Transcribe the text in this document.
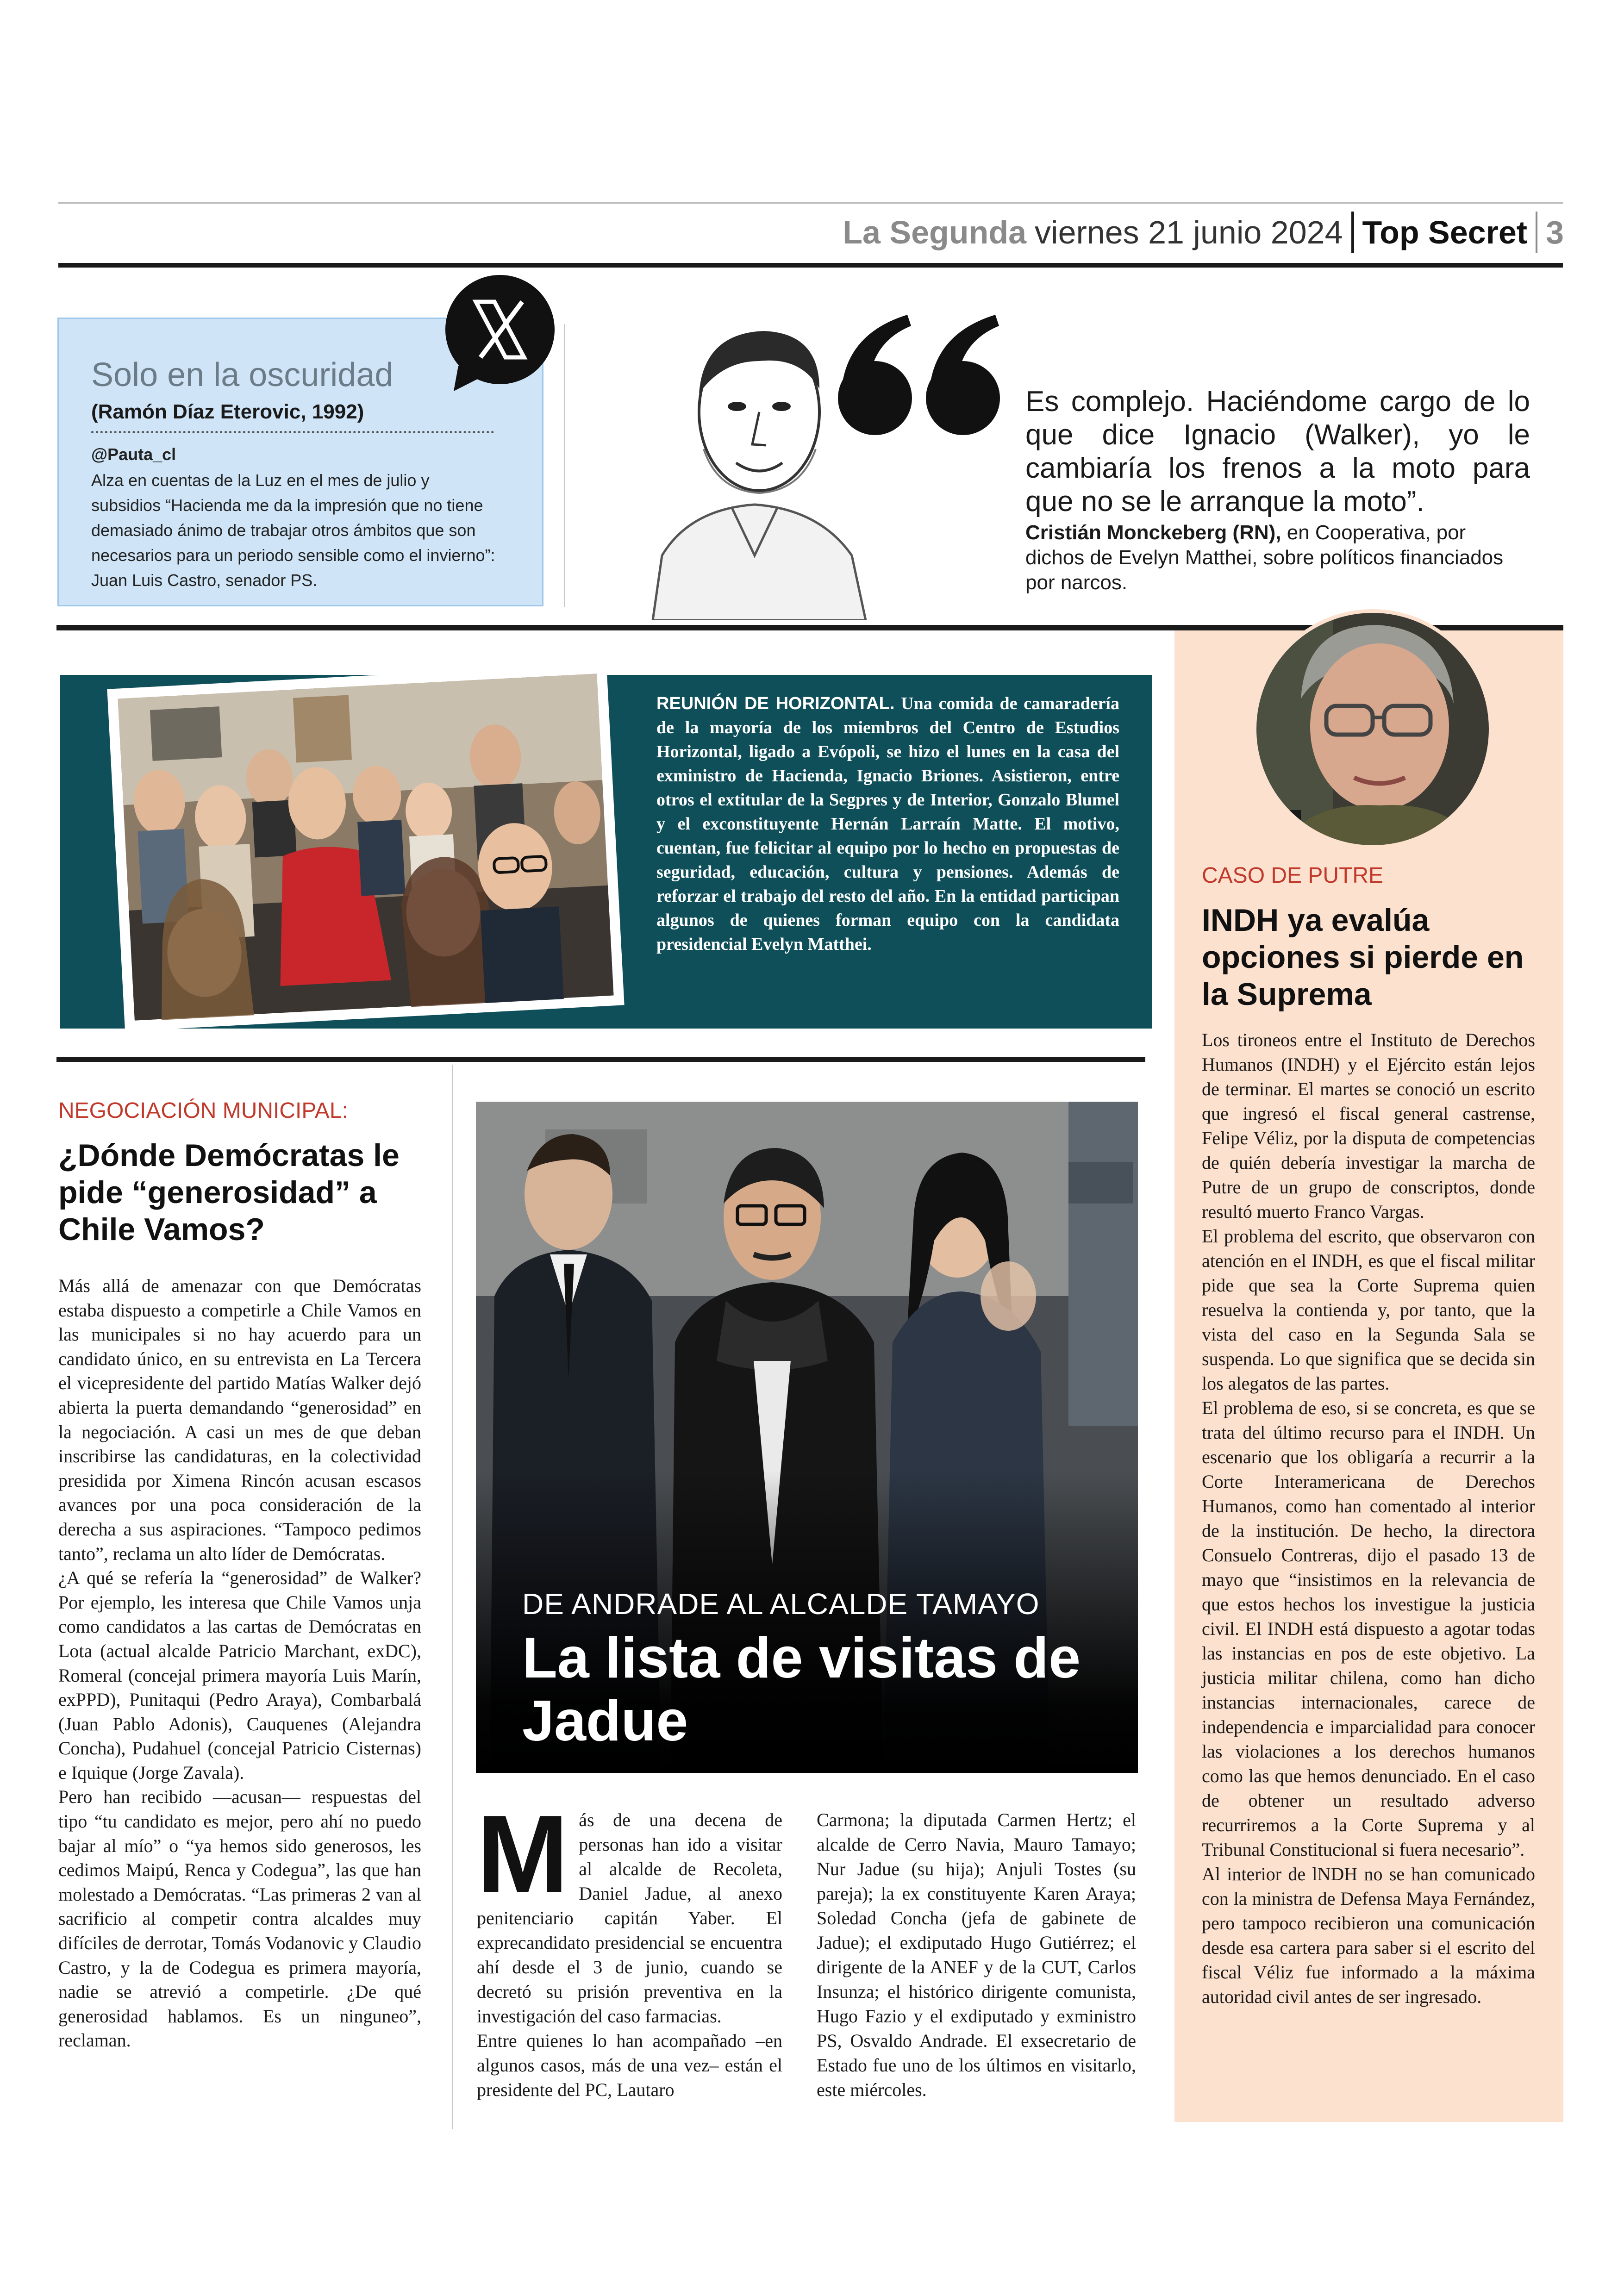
La Segunda viernes 21 junio 2024 Top Secret 3
Solo en la oscuridad
(Ramón Díaz Eterovic, 1992)
@Pauta_cl
Alza en cuentas de la Luz en el mes de julio y subsidios “Hacienda me da la impresión que no tiene demasiado ánimo de trabajar otros ámbitos que son necesarios para un periodo sensible como el invierno”: Juan Luis Castro, senador PS.
Es complejo. Haciéndome cargo de lo que dice Ignacio (Walker), yo le cambiaría los frenos a la moto para que no se le arranque la moto”.
Cristián Monckeberg (RN), en Cooperativa, por dichos de Evelyn Matthei, sobre políticos financiados por narcos.
REUNIÓN DE HORIZONTAL. Una comida de camaradería de la mayoría de los miembros del Centro de Estudios Horizontal, ligado a Evópoli, se hizo el lunes en la casa del exministro de Hacienda, Ignacio Briones. Asistieron, entre otros el extitular de la Segpres y de Interior, Gonzalo Blumel y el exconstituyente Hernán Larraín Matte. El motivo, cuentan, fue felicitar al equipo por lo hecho en propuestas de seguridad, educación, cultura y pensiones. Además de reforzar el trabajo del resto del año. En la entidad participan algunos de quienes forman equipo con la candidata presidencial Evelyn Matthei.
CASO DE PUTRE
INDH ya evalúa opciones si pierde en la Suprema

Los tironeos entre el Instituto de Derechos Humanos (INDH) y el Ejército están lejos de terminar. El martes se conoció un escrito que ingresó el fiscal general castrense, Felipe Véliz, por la disputa de competencias de quién debería investigar la marcha de Putre de un grupo de conscriptos, donde resultó muerto Franco Vargas.

El problema del escrito, que observaron con atención en el INDH, es que el fiscal militar pide que sea la Corte Suprema quien resuelva la contienda y, por tanto, que la vista del caso en la Segunda Sala se suspenda. Lo que significa que se decida sin los alegatos de las partes.

El problema de eso, si se concreta, es que se trata del último recurso para el INDH. Un escenario que los obligaría a recurrir a la Corte Interamericana de Derechos Humanos, como han comentado al interior de la institución. De hecho, la directora Consuelo Contreras, dijo el pasado 13 de mayo que “insistimos en la relevancia de que estos hechos los investigue la justicia civil. El INDH está dispuesto a agotar todas las instancias en pos de este objetivo. La justicia militar chilena, como han dicho instancias internacionales, carece de independencia e imparcialidad para conocer las violaciones a los derechos humanos como las que hemos denunciado. En el caso de obtener un resultado adverso recurriremos a la Corte Suprema y al Tribunal Constitucional si fuera necesario”.

Al interior de lNDH no se han comunicado con la ministra de Defensa Maya Fernández, pero tampoco recibieron una comunicación desde esa cartera para saber si el escrito del fiscal Véliz fue informado a la máxima autoridad civil antes de ser ingresado.

NEGOCIACIÓN MUNICIPAL:
¿Dónde Demócratas le pide “generosidad” a Chile Vamos?

Más allá de amenazar con que Demócratas estaba dispuesto a competirle a Chile Vamos en las municipales si no hay acuerdo para un candidato único, en su entrevista en La Tercera el vicepresidente del partido Matías Walker dejó abierta la puerta demandando “generosidad” en la negociación. A casi un mes de que deban inscribirse las candidaturas, en la colectividad presidida por Ximena Rincón acusan escasos avances por una poca consideración de la derecha a sus aspiraciones. “Tampoco pedimos tanto”, reclama un alto líder de Demócratas.

¿A qué se refería la “generosidad” de Walker? Por ejemplo, les interesa que Chile Vamos unja como candidatos a las cartas de Demócratas en Lota (actual alcalde Patricio Marchant, exDC), Romeral (concejal primera mayoría Luis Marín, exPPD), Punitaqui (Pedro Araya), Combarbalá (Juan Pablo Adonis), Cauquenes (Alejandra Concha), Pudahuel (concejal Patricio Cisternas) e Iquique (Jorge Zavala).

Pero han recibido —acusan— respuestas del tipo “tu candidato es mejor, pero ahí no puedo bajar al mío” o “ya hemos sido generosos, les cedimos Maipú, Renca y Codegua”, las que han molestado a Demócratas. “Las primeras 2 van al sacrificio al competir contra alcaldes muy difíciles de derrotar, Tomás Vodanovic y Claudio Castro, y la de Codegua es primera mayoría, nadie se atrevió a competirle. ¿De qué generosidad hablamos. Es un ninguneo”, reclaman.

DE ANDRADE AL ALCALDE TAMAYO
La lista de visitas de Jadue

Más de una decena de personas han ido a visitar al alcalde de Recoleta, Daniel Jadue, al anexo penitenciario capitán Yaber. El exprecandidato presidencial se encuentra ahí desde el 3 de junio, cuando se decretó su prisión preventiva en la investigación del caso farmacias.

Entre quienes lo han acompañado –en algunos casos, más de una vez– están el presidente del PC, Lautaro

Carmona; la diputada Carmen Hertz; el alcalde de Cerro Navia, Mauro Tamayo; Nur Jadue (su hija); Anjuli Tostes (su pareja); la ex constituyente Karen Araya; Soledad Concha (jefa de gabinete de Jadue); el exdiputado Hugo Gutiérrez; el dirigente de la ANEF y de la CUT, Carlos Insunza; el histórico dirigente comunista, Hugo Fazio y el exdiputado y exministro PS, Osvaldo Andrade. El exsecretario de Estado fue uno de los últimos en visitarlo, este miércoles.
